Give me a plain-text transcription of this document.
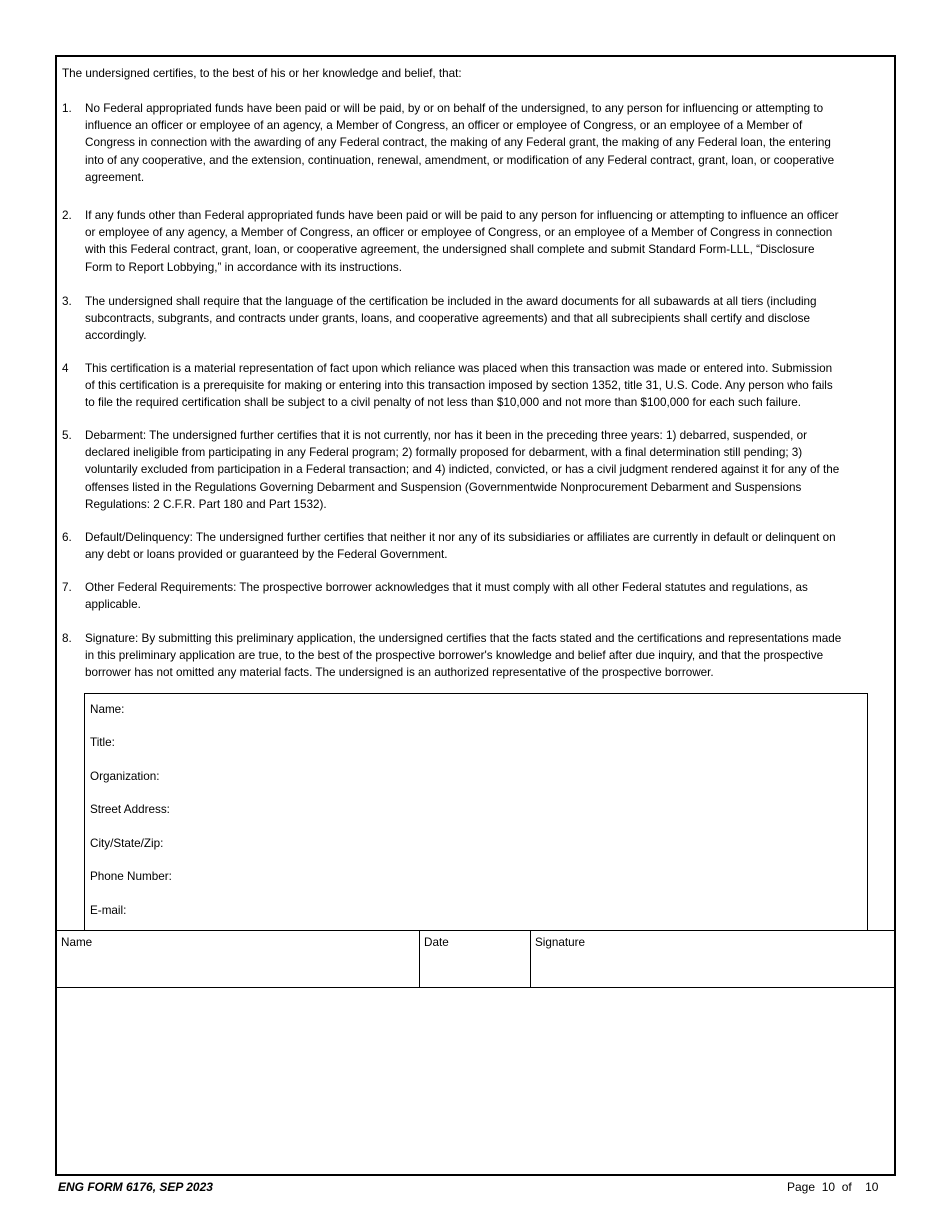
The undersigned certifies, to the best of his or her knowledge and belief, that:
1.	No Federal appropriated funds have been paid or will be paid, by or on behalf of the undersigned, to any person for influencing or attempting to
influence an officer or employee of an agency, a Member of Congress, an officer or employee of Congress, or an employee of a Member of
Congress in connection with the awarding of any Federal contract, the making of any Federal grant, the making of any Federal loan, the entering
into of any cooperative, and the extension, continuation, renewal, amendment, or modification of any Federal contract, grant, loan, or cooperative
agreement.
2.	If any funds other than Federal appropriated funds have been paid or will be paid to any person for influencing or attempting to influence an officer
or employee of any agency, a Member of Congress, an officer or employee of Congress, or an employee of a Member of Congress in connection
with this Federal contract, grant, loan, or cooperative agreement, the undersigned shall complete and submit Standard Form-LLL, “Disclosure
Form to Report Lobbying,” in accordance with its instructions.
3.	The undersigned shall require that the language of the certification be included in the award documents for all subawards at all tiers (including
subcontracts, subgrants, and contracts under grants, loans, and cooperative agreements) and that all subrecipients shall certify and disclose
accordingly.
4	This certification is a material representation of fact upon which reliance was placed when this transaction was made or entered into. Submission
of this certification is a prerequisite for making or entering into this transaction imposed by section 1352, title 31, U.S. Code. Any person who fails
to file the required certification shall be subject to a civil penalty of not less than $10,000 and not more than $100,000 for each such failure.
5.	Debarment: The undersigned further certifies that it is not currently, nor has it been in the preceding three years: 1) debarred, suspended, or
declared ineligible from participating in any Federal program; 2) formally proposed for debarment, with a final determination still pending; 3)
voluntarily excluded from participation in a Federal transaction; and 4) indicted, convicted, or has a civil judgment rendered against it for any of the
offenses listed in the Regulations Governing Debarment and Suspension (Governmentwide Nonprocurement Debarment and Suspensions
Regulations: 2 C.F.R. Part 180 and Part 1532).
6.	Default/Delinquency: The undersigned further certifies that neither it nor any of its subsidiaries or affiliates are currently in default or delinquent on
any debt or loans provided or guaranteed by the Federal Government.
7.	Other Federal Requirements: The prospective borrower acknowledges that it must comply with all other Federal statutes and regulations, as
applicable.
8.	Signature: By submitting this preliminary application, the undersigned certifies that the facts stated and the certifications and representations made
in this preliminary application are true, to the best of the prospective borrower's knowledge and belief after due inquiry, and that the prospective
borrower has not omitted any material facts. The undersigned is an authorized representative of the prospective borrower.
Name:
Title:
Organization:
Street Address:
City/State/Zip:
Phone Number:
E-mail:
Name	Date	Signature
ENG FORM 6176, SEP 2023	Page 10 of 10
